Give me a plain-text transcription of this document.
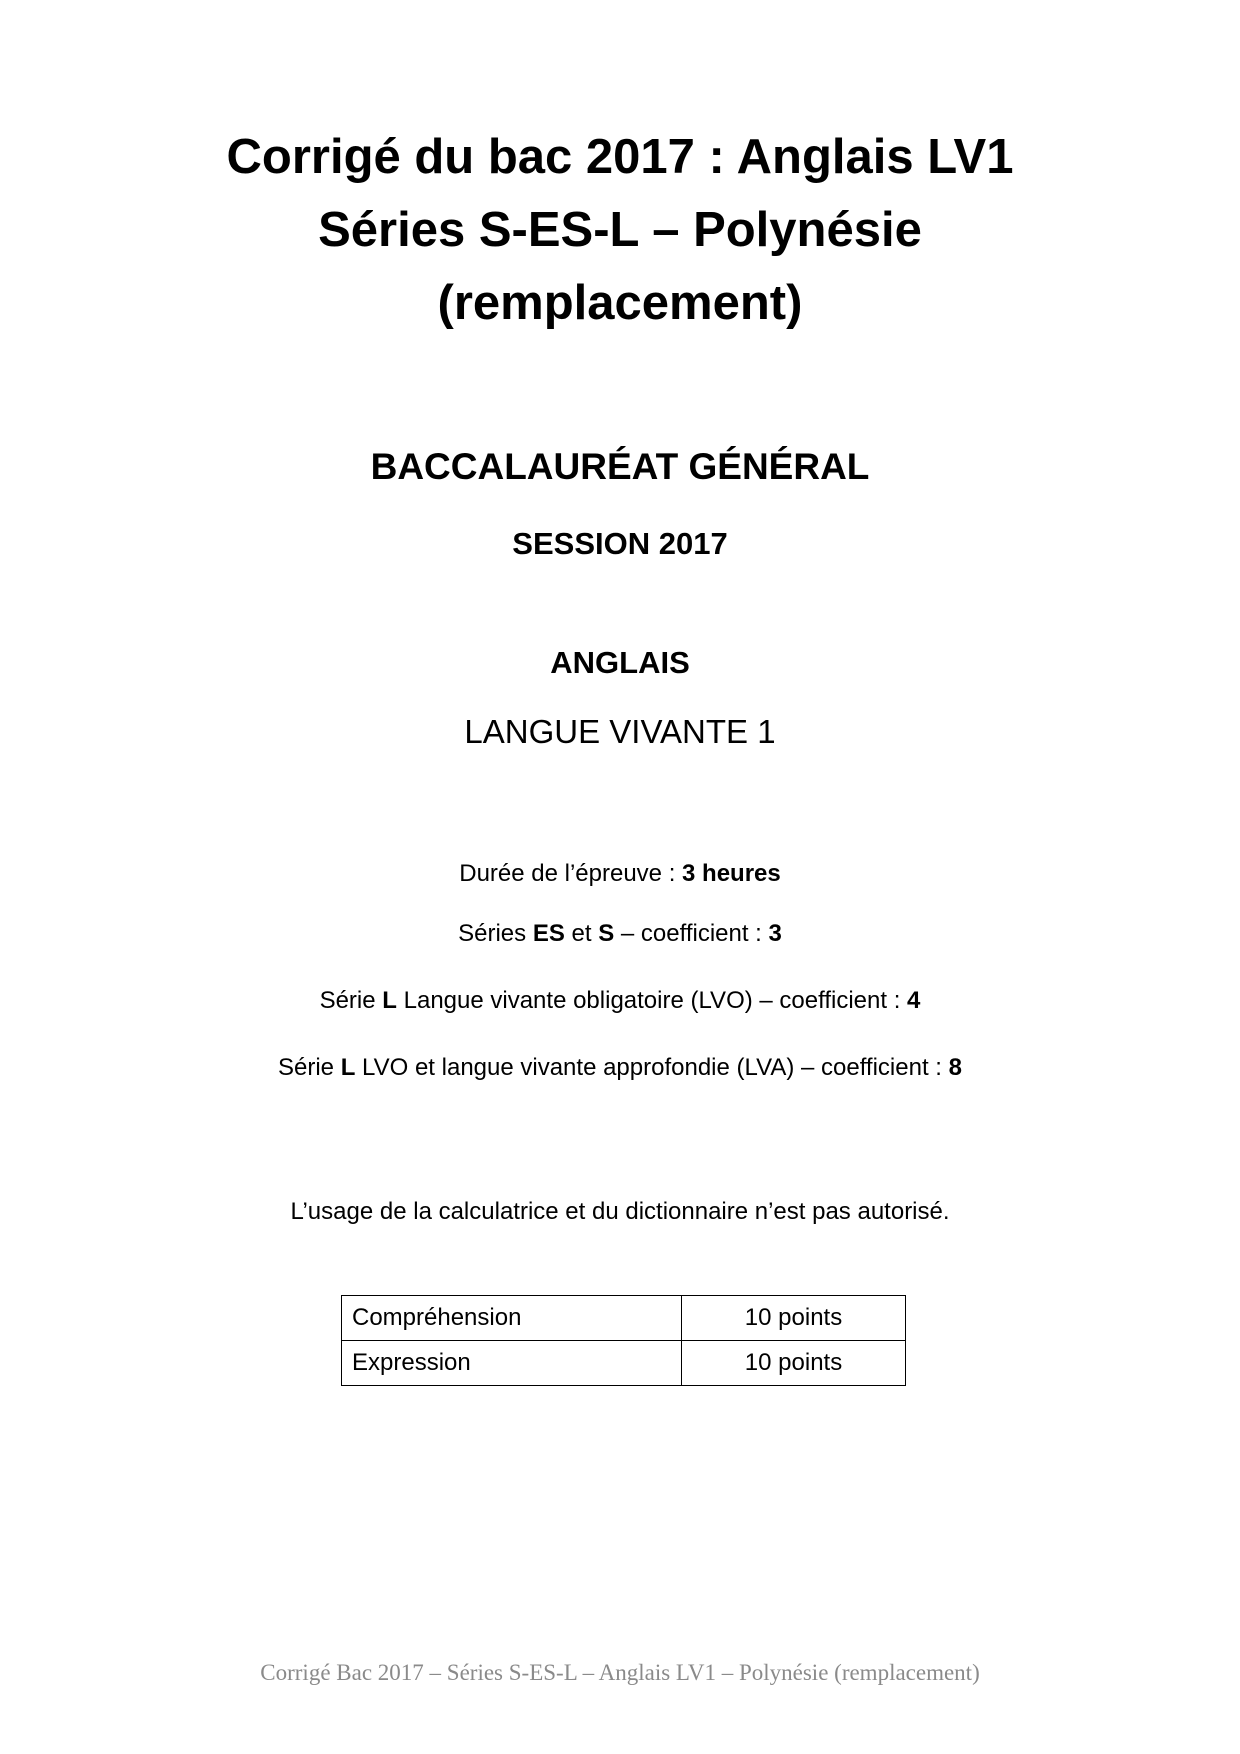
Corrigé du bac 2017 : Anglais LV1
Séries S-ES-L – Polynésie
(remplacement)
BACCALAURÉAT GÉNÉRAL
SESSION 2017
ANGLAIS
LANGUE VIVANTE 1
Durée de l’épreuve : 3 heures
Séries ES et S – coefficient : 3
Série L Langue vivante obligatoire (LVO) – coefficient : 4
Série L LVO et langue vivante approfondie (LVA) – coefficient : 8
L’usage de la calculatrice et du dictionnaire n’est pas autorisé.
Compréhension	10 points
Expression	10 points
Corrigé Bac 2017 – Séries S-ES-L – Anglais LV1 – Polynésie (remplacement)
